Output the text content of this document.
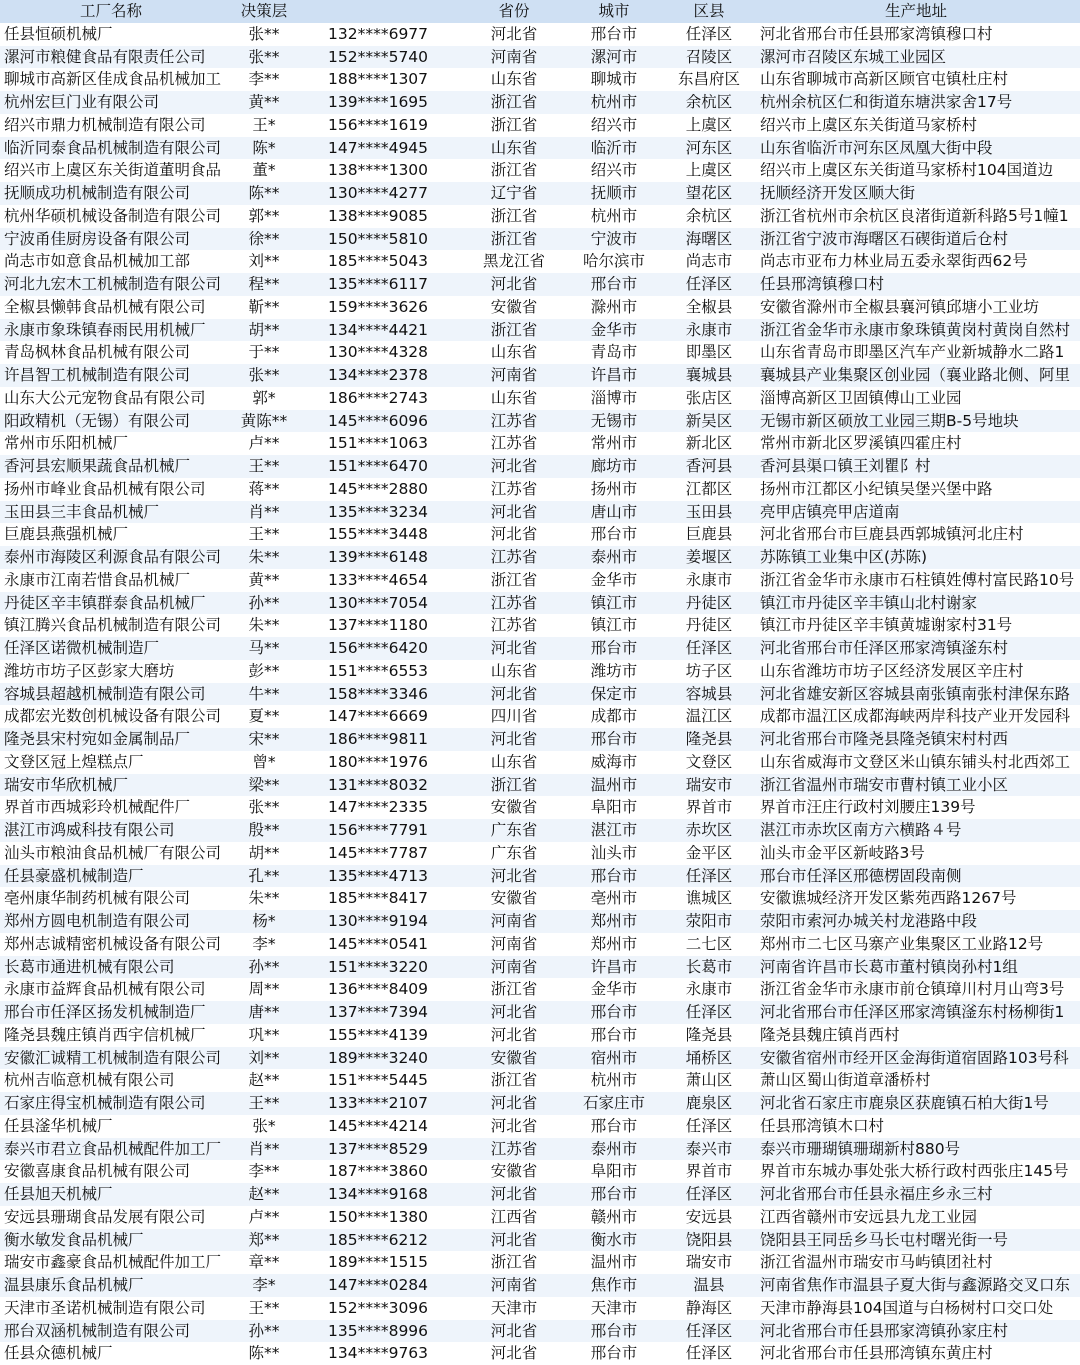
工厂名称	决策层		省份	城市	区县	生产地址
任县恒硕机械厂	张**	132****6977	河北省	邢台市	任泽区	河北省邢台市任县邢家湾镇穆口村
漯河市粮健食品有限责任公司	张**	152****5740	河南省	漯河市	召陵区	漯河市召陵区东城工业园区
聊城市高新区佳成食品机械加工	李**	188****1307	山东省	聊城市	东昌府区	山东省聊城市高新区顾官屯镇杜庄村
杭州宏巨门业有限公司	黄**	139****1695	浙江省	杭州市	余杭区	杭州余杭区仁和街道东塘洪家舍17号
绍兴市鼎力机械制造有限公司	王*	156****1619	浙江省	绍兴市	上虞区	绍兴市上虞区东关街道马家桥村
临沂同泰食品机械制造有限公司	陈*	147****4945	山东省	临沂市	河东区	山东省临沂市河东区凤凰大街中段
绍兴市上虞区东关街道董明食品	董*	138****1300	浙江省	绍兴市	上虞区	绍兴市上虞区东关街道马家桥村104国道边
抚顺成功机械制造有限公司	陈**	130****4277	辽宁省	抚顺市	望花区	抚顺经济开发区顺大街
杭州华硕机械设备制造有限公司	郭**	138****9085	浙江省	杭州市	余杭区	浙江省杭州市余杭区良渚街道新科路5号1幢1
宁波甬佳厨房设备有限公司	徐**	150****5810	浙江省	宁波市	海曙区	浙江省宁波市海曙区石碶街道后仓村
尚志市如意食品机械加工部	刘**	185****5043	黑龙江省	哈尔滨市	尚志市	尚志市亚布力林业局五委永翠街西62号
河北九宏木工机械制造有限公司	程**	135****6117	河北省	邢台市	任泽区	任县邢湾镇穆口村
全椒县懒韩食品机械有限公司	靳**	159****3626	安徽省	滁州市	全椒县	安徽省滁州市全椒县襄河镇邱塘小工业坊
永康市象珠镇春雨民用机械厂	胡**	134****4421	浙江省	金华市	永康市	浙江省金华市永康市象珠镇黄岗村黄岗自然村
青岛枫林食品机械有限公司	于**	130****4328	山东省	青岛市	即墨区	山东省青岛市即墨区汽车产业新城静水二路1
许昌智工机械制造有限公司	张**	134****2378	河南省	许昌市	襄城县	襄城县产业集聚区创业园（襄业路北侧、阿里
山东大公元宠物食品有限公司	郭*	186****2743	山东省	淄博市	张店区	淄博高新区卫固镇傅山工业园
阳政精机（无锡）有限公司	黄陈**	145****6096	江苏省	无锡市	新吴区	无锡市新区硕放工业园三期B-5号地块
常州市乐阳机械厂	卢**	151****1063	江苏省	常州市	新北区	常州市新北区罗溪镇四霍庄村
香河县宏顺果蔬食品机械厂	王**	151****6470	河北省	廊坊市	香河县	香河县渠口镇王刘瞿阝村
扬州市峰业食品机械有限公司	蒋**	145****2880	江苏省	扬州市	江都区	扬州市江都区小纪镇吴堡兴堡中路
玉田县三丰食品机械厂	肖**	135****3234	河北省	唐山市	玉田县	亮甲店镇亮甲店道南
巨鹿县燕强机械厂	王**	155****3448	河北省	邢台市	巨鹿县	河北省邢台市巨鹿县西郭城镇河北庄村
泰州市海陵区利源食品有限公司	朱**	139****6148	江苏省	泰州市	姜堰区	苏陈镇工业集中区(苏陈)
永康市江南若惜食品机械厂	黄**	133****4654	浙江省	金华市	永康市	浙江省金华市永康市石柱镇姓傅村富民路10号
丹徒区辛丰镇群泰食品机械厂	孙**	130****7054	江苏省	镇江市	丹徒区	镇江市丹徒区辛丰镇山北村谢家
镇江腾兴食品机械制造有限公司	朱**	137****1180	江苏省	镇江市	丹徒区	镇江市丹徒区辛丰镇黄墟谢家村31号
任泽区诺微机械制造厂	马**	156****6420	河北省	邢台市	任泽区	河北省邢台市任泽区邢家湾镇滏东村
潍坊市坊子区彭家大磨坊	彭**	151****6553	山东省	潍坊市	坊子区	山东省潍坊市坊子区经济发展区辛庄村
容城县超越机械制造有限公司	牛**	158****3346	河北省	保定市	容城县	河北省雄安新区容城县南张镇南张村津保东路
成都宏光数创机械设备有限公司	夏**	147****6669	四川省	成都市	温江区	成都市温江区成都海峡两岸科技产业开发园科
隆尧县宋村宛如金属制品厂	宋**	186****9811	河北省	邢台市	隆尧县	河北省邢台市隆尧县隆尧镇宋村村西
文登区冠上煌糕点厂	曾*	180****1976	山东省	威海市	文登区	山东省威海市文登区米山镇东铺头村北西郊工
瑞安市华欣机械厂	梁**	131****8032	浙江省	温州市	瑞安市	浙江省温州市瑞安市曹村镇工业小区
界首市西城彩玲机械配件厂	张**	147****2335	安徽省	阜阳市	界首市	界首市汪庄行政村刘腰庄139号
湛江市鸿威科技有限公司	殷**	156****7791	广东省	湛江市	赤坎区	湛江市赤坎区南方六横路４号
汕头市粮油食品机械厂有限公司	胡**	145****7787	广东省	汕头市	金平区	汕头市金平区新岐路3号
任县豪盛机械制造厂	孔**	135****4713	河北省	邢台市	任泽区	邢台市任泽区邢德楞固段南侧
亳州康华制药机械有限公司	朱**	185****8417	安徽省	亳州市	谯城区	安徽谯城经济开发区紫苑西路1267号
郑州方圆电机制造有限公司	杨*	130****9194	河南省	郑州市	荥阳市	荥阳市索河办城关村龙港路中段
郑州志诚精密机械设备有限公司	李*	145****0541	河南省	郑州市	二七区	郑州市二七区马寨产业集聚区工业路12号
长葛市通进机械有限公司	孙**	151****3220	河南省	许昌市	长葛市	河南省许昌市长葛市董村镇岗孙村1组
永康市益辉食品机械有限公司	周**	136****8409	浙江省	金华市	永康市	浙江省金华市永康市前仓镇璋川村月山弯3号
邢台市任泽区扬发机械制造厂	唐**	137****7394	河北省	邢台市	任泽区	河北省邢台市任泽区邢家湾镇滏东村杨柳街1
隆尧县魏庄镇肖西宇信机械厂	巩**	155****4139	河北省	邢台市	隆尧县	隆尧县魏庄镇肖西村
安徽汇诚精工机械制造有限公司	刘**	189****3240	安徽省	宿州市	埇桥区	安徽省宿州市经开区金海街道宿固路103号科
杭州吉临意机械有限公司	赵**	151****5445	浙江省	杭州市	萧山区	萧山区蜀山街道章潘桥村
石家庄得宝机械制造有限公司	王**	133****2107	河北省	石家庄市	鹿泉区	河北省石家庄市鹿泉区获鹿镇石柏大街1号
任县滏华机械厂	张*	145****4214	河北省	邢台市	任泽区	任县邢湾镇木口村
泰兴市君立食品机械配件加工厂	肖**	137****8529	江苏省	泰州市	泰兴市	泰兴市珊瑚镇珊瑚新村880号
安徽喜康食品机械有限公司	李**	187****3860	安徽省	阜阳市	界首市	界首市东城办事处张大桥行政村西张庄145号
任县旭天机械厂	赵**	134****9168	河北省	邢台市	任泽区	河北省邢台市任县永福庄乡永三村
安远县珊瑚食品发展有限公司	卢**	150****1380	江西省	赣州市	安远县	江西省赣州市安远县九龙工业园
衡水敏发食品机械厂	郑**	185****6212	河北省	衡水市	饶阳县	饶阳县王同岳乡马长屯村曙光街一号
瑞安市鑫豪食品机械配件加工厂	章**	189****1515	浙江省	温州市	瑞安市	浙江省温州市瑞安市马屿镇团社村
温县康乐食品机械厂	李*	147****0284	河南省	焦作市	温县	河南省焦作市温县子夏大街与鑫源路交叉口东
天津市圣诺机械制造有限公司	王**	152****3096	天津市	天津市	静海区	天津市静海县104国道与白杨树村口交口处
邢台双涵机械制造有限公司	孙**	135****8996	河北省	邢台市	任泽区	河北省邢台市任县邢家湾镇孙家庄村
任县众德机械厂	陈**	134****9763	河北省	邢台市	任泽区	河北省邢台市任县邢湾镇东黄庄村
